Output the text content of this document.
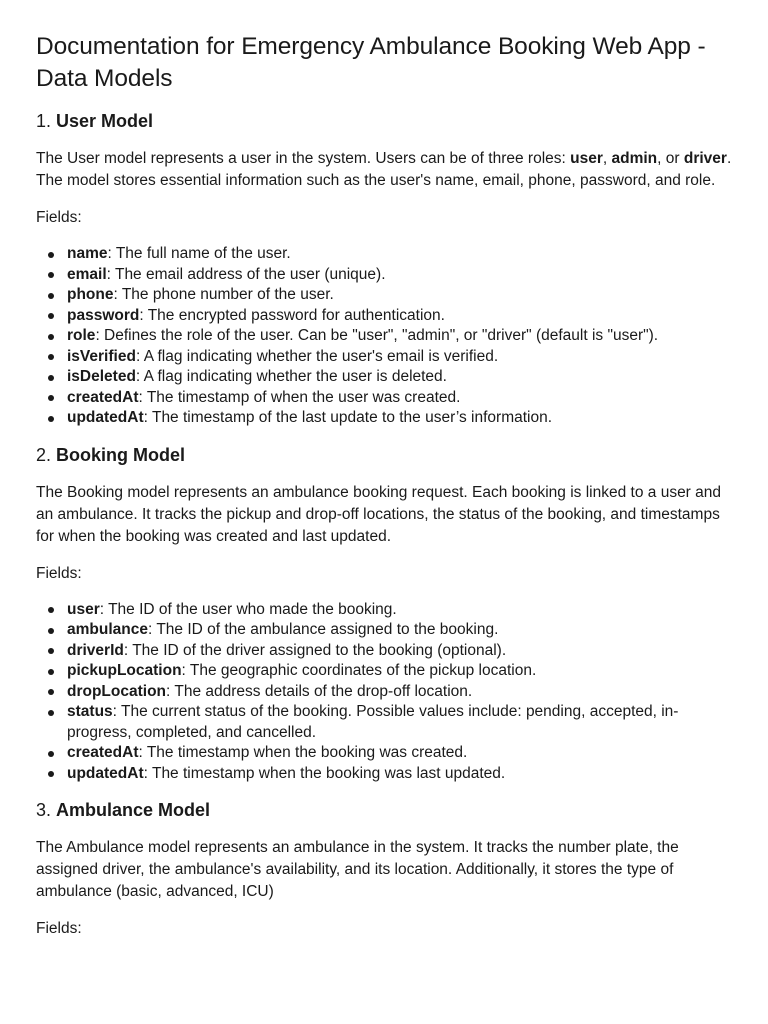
Documentation for Emergency Ambulance Booking Web App - Data Models
1. User Model

The User model represents a user in the system. Users can be of three roles: user, admin, or driver. The model stores essential information such as the user's name, email, phone, password, and role.

Fields:

name: The full name of the user.
email: The email address of the user (unique).
phone: The phone number of the user.
password: The encrypted password for authentication.
role: Defines the role of the user. Can be "user", "admin", or "driver" (default is "user").
isVerified: A flag indicating whether the user's email is verified.
isDeleted: A flag indicating whether the user is deleted.
createdAt: The timestamp of when the user was created.
updatedAt: The timestamp of the last update to the user’s information.
2. Booking Model

The Booking model represents an ambulance booking request. Each booking is linked to a user and an ambulance. It tracks the pickup and drop-off locations, the status of the booking, and timestamps for when the booking was created and last updated.

Fields:

user: The ID of the user who made the booking.
ambulance: The ID of the ambulance assigned to the booking.
driverId: The ID of the driver assigned to the booking (optional).
pickupLocation: The geographic coordinates of the pickup location.
dropLocation: The address details of the drop-off location.
status: The current status of the booking. Possible values include: pending, accepted, in-progress, completed, and cancelled.
createdAt: The timestamp when the booking was created.
updatedAt: The timestamp when the booking was last updated.
3. Ambulance Model

The Ambulance model represents an ambulance in the system. It tracks the number plate, the assigned driver, the ambulance's availability, and its location. Additionally, it stores the type of ambulance (basic, advanced, ICU)

Fields:
